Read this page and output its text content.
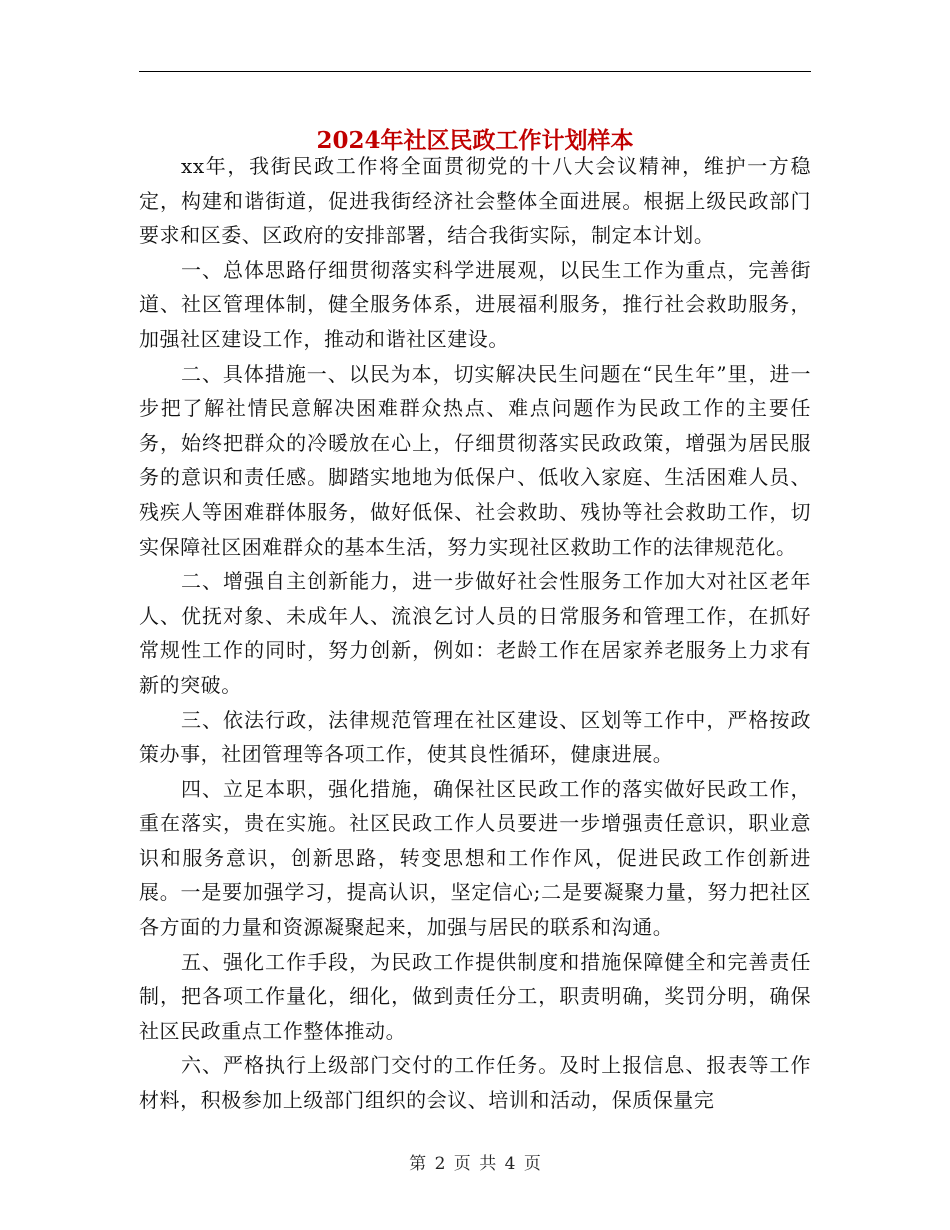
2024年社区民政工作计划样本

xx年，我街民政工作将全面贯彻党的十八大会议精神，维护一方稳定，构建和谐街道，促进我街经济社会整体全面进展。根据上级民政部门要求和区委、区政府的安排部署，结合我街实际，制定本计划。

一、总体思路仔细贯彻落实科学进展观，以民生工作为重点，完善街道、社区管理体制，健全服务体系，进展福利服务，推行社会救助服务，加强社区建设工作，推动和谐社区建设。

二、具体措施一、以民为本，切实解决民生问题在“民生年”里，进一步把了解社情民意解决困难群众热点、难点问题作为民政工作的主要任务，始终把群众的冷暖放在心上，仔细贯彻落实民政政策，增强为居民服务的意识和责任感。脚踏实地地为低保户、低收入家庭、生活困难人员、残疾人等困难群体服务，做好低保、社会救助、残协等社会救助工作，切实保障社区困难群众的基本生活，努力实现社区救助工作的法律规范化。

二、增强自主创新能力，进一步做好社会性服务工作加大对社区老年人、优抚对象、未成年人、流浪乞讨人员的日常服务和管理工作，在抓好常规性工作的同时，努力创新，例如：老龄工作在居家养老服务上力求有新的突破。

三、依法行政，法律规范管理在社区建设、区划等工作中，严格按政策办事，社团管理等各项工作，使其良性循环，健康进展。

四、立足本职，强化措施，确保社区民政工作的落实做好民政工作，重在落实，贵在实施。社区民政工作人员要进一步增强责任意识，职业意识和服务意识，创新思路，转变思想和工作作风，促进民政工作创新进展。一是要加强学习，提高认识，坚定信心;二是要凝聚力量，努力把社区各方面的力量和资源凝聚起来，加强与居民的联系和沟通。

五、强化工作手段，为民政工作提供制度和措施保障健全和完善责任制，把各项工作量化，细化，做到责任分工，职责明确，奖罚分明，确保社区民政重点工作整体推动。

六、严格执行上级部门交付的工作任务。及时上报信息、报表等工作材料，积极参加上级部门组织的会议、培训和活动，保质保量完

第 2 页 共 4 页
